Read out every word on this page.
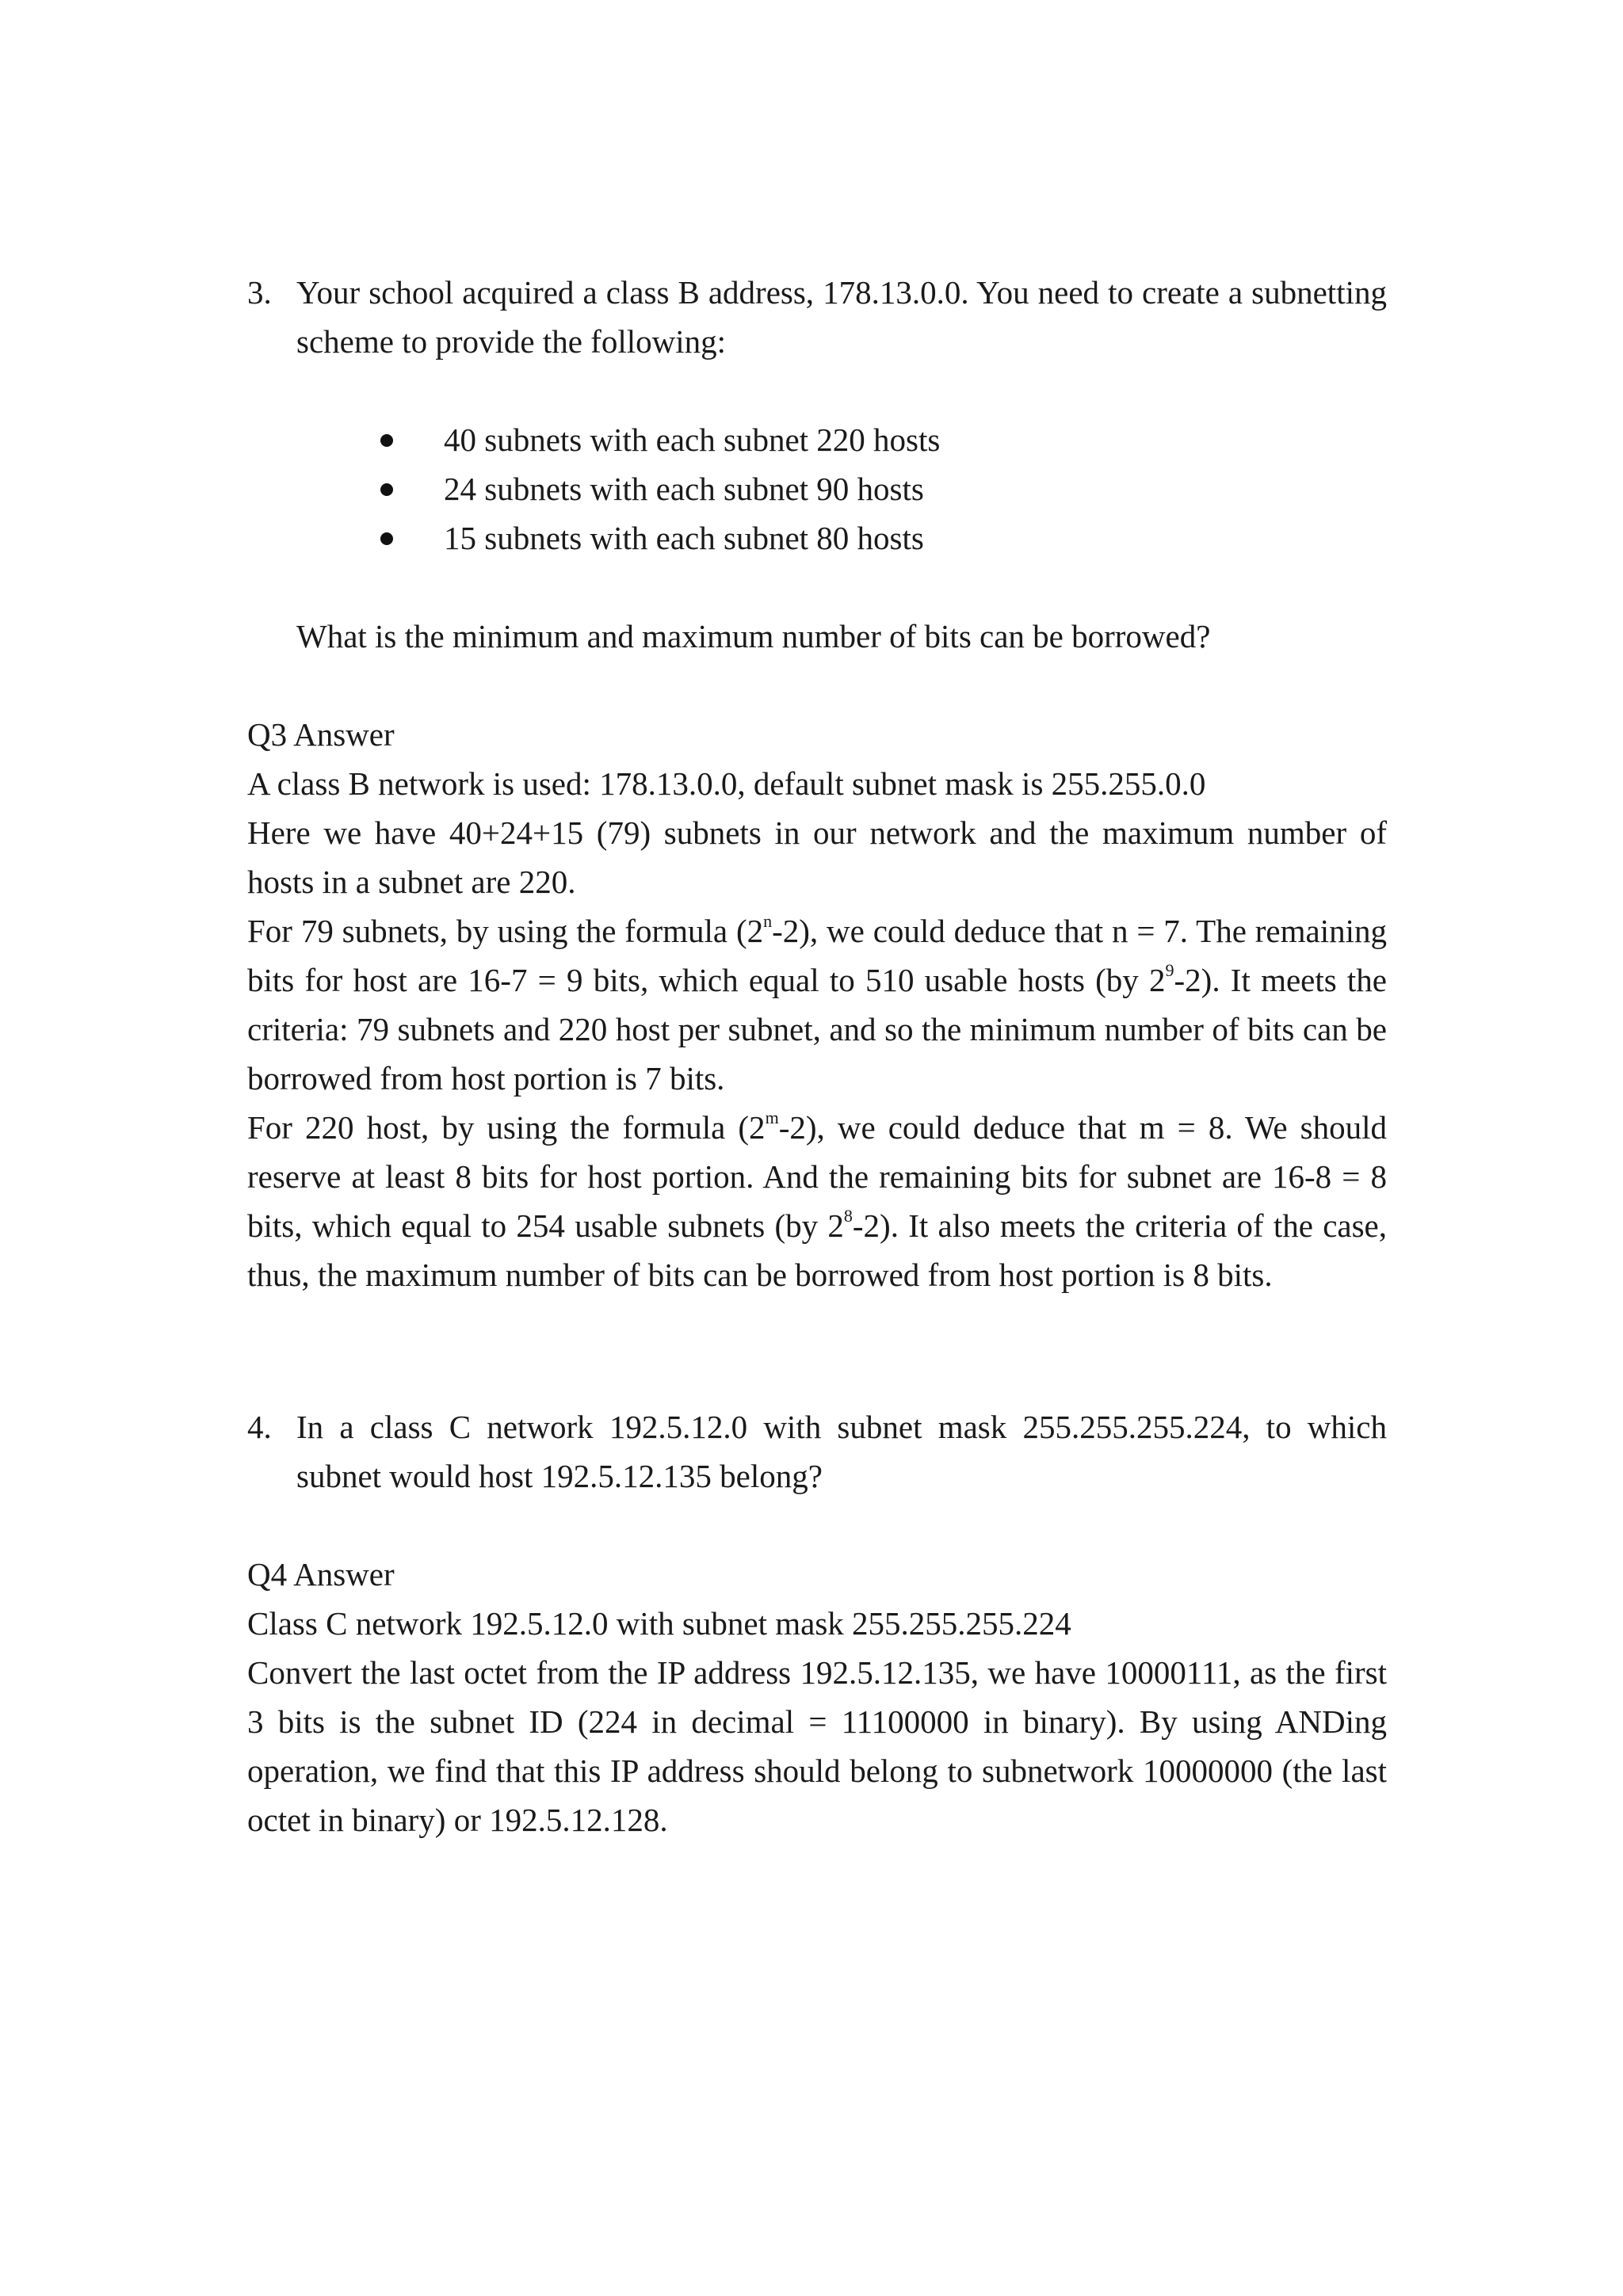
3. Your school acquired a class B address, 178.13.0.0. You need to create a subnetting scheme to provide the following:

40 subnets with each subnet 220 hosts
24 subnets with each subnet 90 hosts
15 subnets with each subnet 80 hosts

What is the minimum and maximum number of bits can be borrowed?

Q3 Answer

A class B network is used: 178.13.0.0, default subnet mask is 255.255.0.0

Here we have 40+24+15 (79) subnets in our network and the maximum number of hosts in a subnet are 220.

For 79 subnets, by using the formula (2$^n$-2), we could deduce that n = 7. The remaining bits for host are 16-7 = 9 bits, which equal to 510 usable hosts (by $2^9-2$). It meets the criteria: 79 subnets and 220 host per subnet, and so the minimum number of bits can be borrowed from host portion is 7 bits.

For 220 host, by using the formula (2$^m$-2), we could deduce that m = 8. We should reserve at least 8 bits for host portion. And the remaining bits for subnet are 16-8 = 8 bits, which equal to 254 usable subnets (by $2^8-2$). It also meets the criteria of the case, thus, the maximum number of bits can be borrowed from host portion is 8 bits.

4. In a class C network 192.5.12.0 with subnet mask 255.255.255.224, to which subnet would host 192.5.12.135 belong?

Q4 Answer

Class C network 192.5.12.0 with subnet mask 255.255.255.224

Convert the last octet from the IP address 192.5.12.135, we have 10000111, as the first 3 bits is the subnet ID (224 in decimal = 11100000 in binary). By using ANDing operation, we find that this IP address should belong to subnetwork 10000000 (the last octet in binary) or 192.5.12.128.
